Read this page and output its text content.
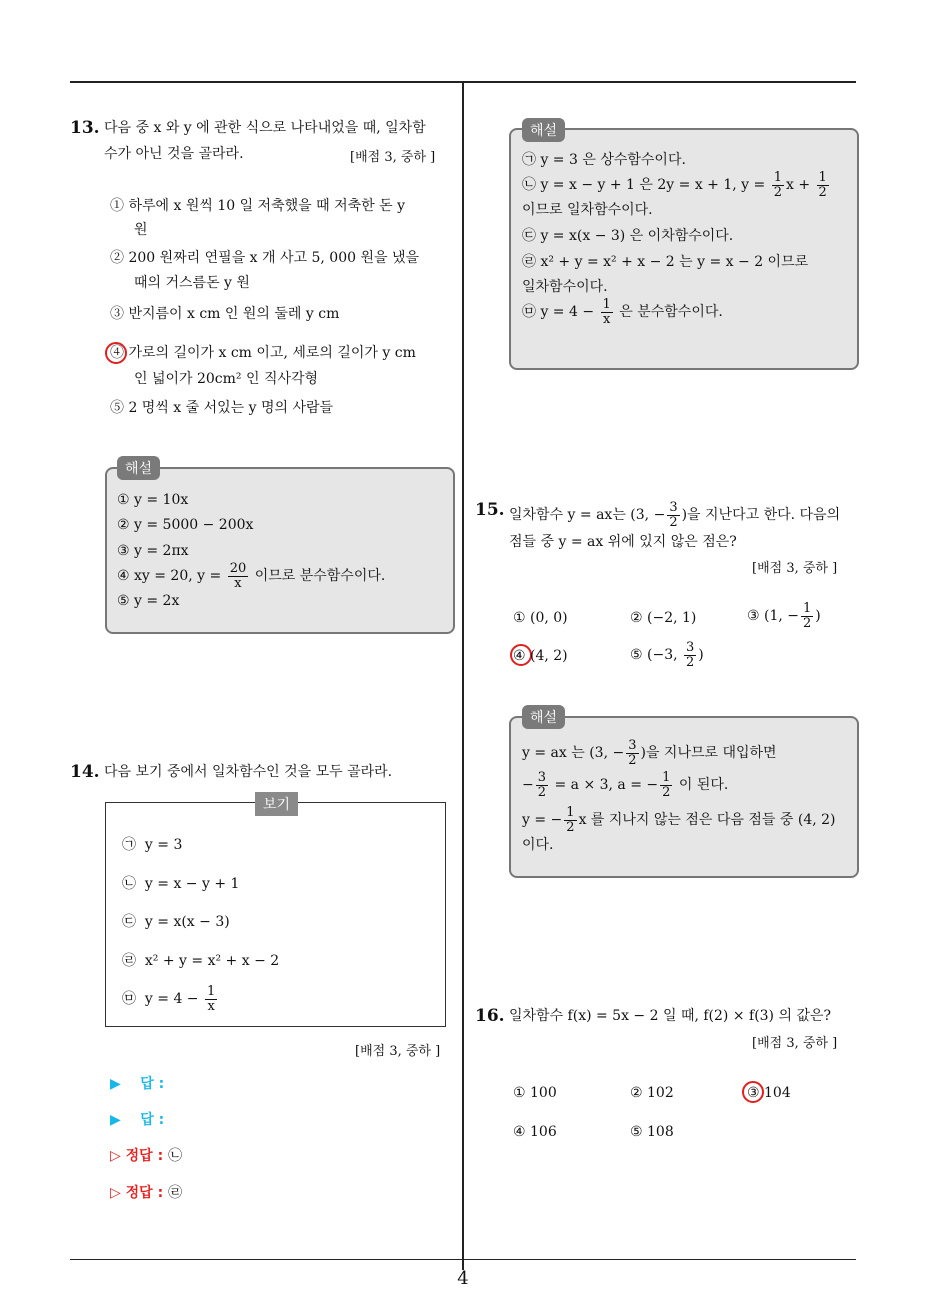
4
13. 다음 중 x 와 y 에 관한 식으로 나타내었을 때, 일차함
수가 아닌 것을 골라라.	[배점 3, 중하 ]
① 하루에 x 원씩 10 일 저축했을 때 저축한 돈 y
원
② 200 원짜리 연필을 x 개 사고 5, 000 원을 냈을
때의 거스름돈 y 원
③ 반지름이 x cm 인 원의 둘레 y cm
④ 가로의 길이가 x cm 이고, 세로의 길이가 y cm
인 넓이가 20cm² 인 직사각형
⑤ 2 명씩 x 줄 서있는 y 명의 사람들
해설
① y = 10x
② y = 5000 − 200x
③ y = 2πx
④ xy = 20, $y = \frac{20}{x}$ 이므로 분수함수이다.
⑤ y = 2x
14. 다음 보기 중에서 일차함수인 것을 모두 골라라.
보기
㉠ y = 3
㉡ y = x − y + 1
㉢ y = x(x − 3)
㉣ x² + y = x² + x − 2
㉤ $y = 4 - \frac{1}{x}$
[배점 3, 중하 ]
▶ 답 :
▶ 답 :
▷ 정답 : ㉡
▷ 정답 : ㉣
해설
㉠ y = 3 은 상수함수이다.
㉡ y = x − y + 1 은 2y = x + 1, $y = \frac{1}{2}$ $x + \frac{1}{2}$
이므로 일차함수이다.
㉢ y = x(x − 3) 은 이차함수이다.
㉣ x² + y = x² + x − 2 는 y = x − 2 이므로
일차함수이다.
㉤ $y = 4 - \frac{1}{x}$ 은 분수함수이다.
15. 일차함수 y = ax는 (3, − $\frac{3}{2}$ )을 지난다고 한다. 다음의
점들 중 y = ax 위에 있지 않은 점은?
[배점 3, 중하 ]
① (0, 0)	② (−2, 1)	③ (1, − $\frac{1}{2}$ )
④ (4, 2)	⑤ (−3, $\frac{3}{2}$ )
해설
y = ax 는 (3, − $\frac{3}{2}$ )을 지나므로 대입하면
− $\frac{3}{2} = a \times 3$, a = − $\frac{1}{2}$ 이 된다.
y = − $\frac{1}{2}$ x 를 지나지 않는 점은 다음 점들 중 (4, 2)
이다.
16. 일차함수 f(x) = 5x − 2 일 때, f(2) × f(3) 의 값은?
[배점 3, 중하 ]
① 100	② 102	③ 104
④ 106	⑤ 108
